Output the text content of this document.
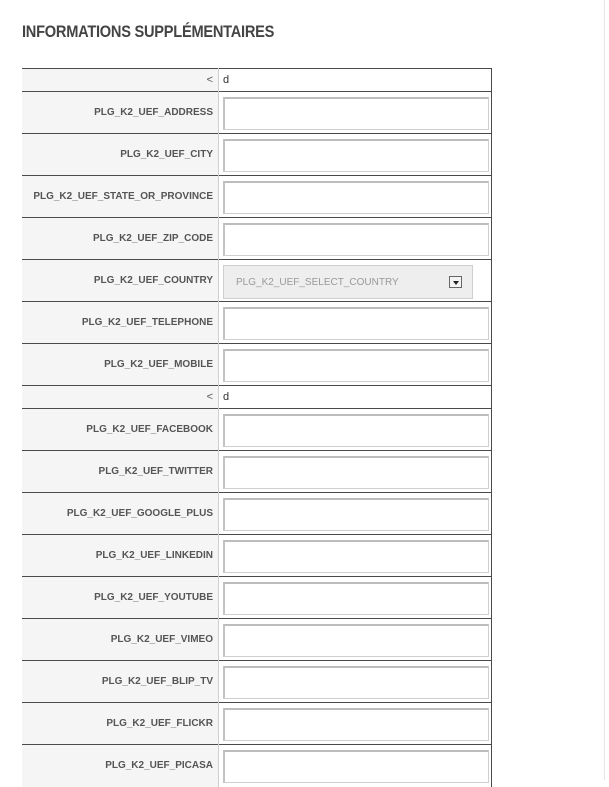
INFORMATIONS SUPPLÉMENTAIRES
<	d
PLG_K2_UEF_ADDRESS	

PLG_K2_UEF_CITY	

PLG_K2_UEF_STATE_OR_PROVINCE	

PLG_K2_UEF_ZIP_CODE	

PLG_K2_UEF_COUNTRY	PLG_K2_UEF_SELECT_COUNTRY

PLG_K2_UEF_TELEPHONE	

PLG_K2_UEF_MOBILE	

<	d
PLG_K2_UEF_FACEBOOK	

PLG_K2_UEF_TWITTER	

PLG_K2_UEF_GOOGLE_PLUS	

PLG_K2_UEF_LINKEDIN	

PLG_K2_UEF_YOUTUBE	

PLG_K2_UEF_VIMEO	

PLG_K2_UEF_BLIP_TV	

PLG_K2_UEF_FLICKR	

PLG_K2_UEF_PICASA	
